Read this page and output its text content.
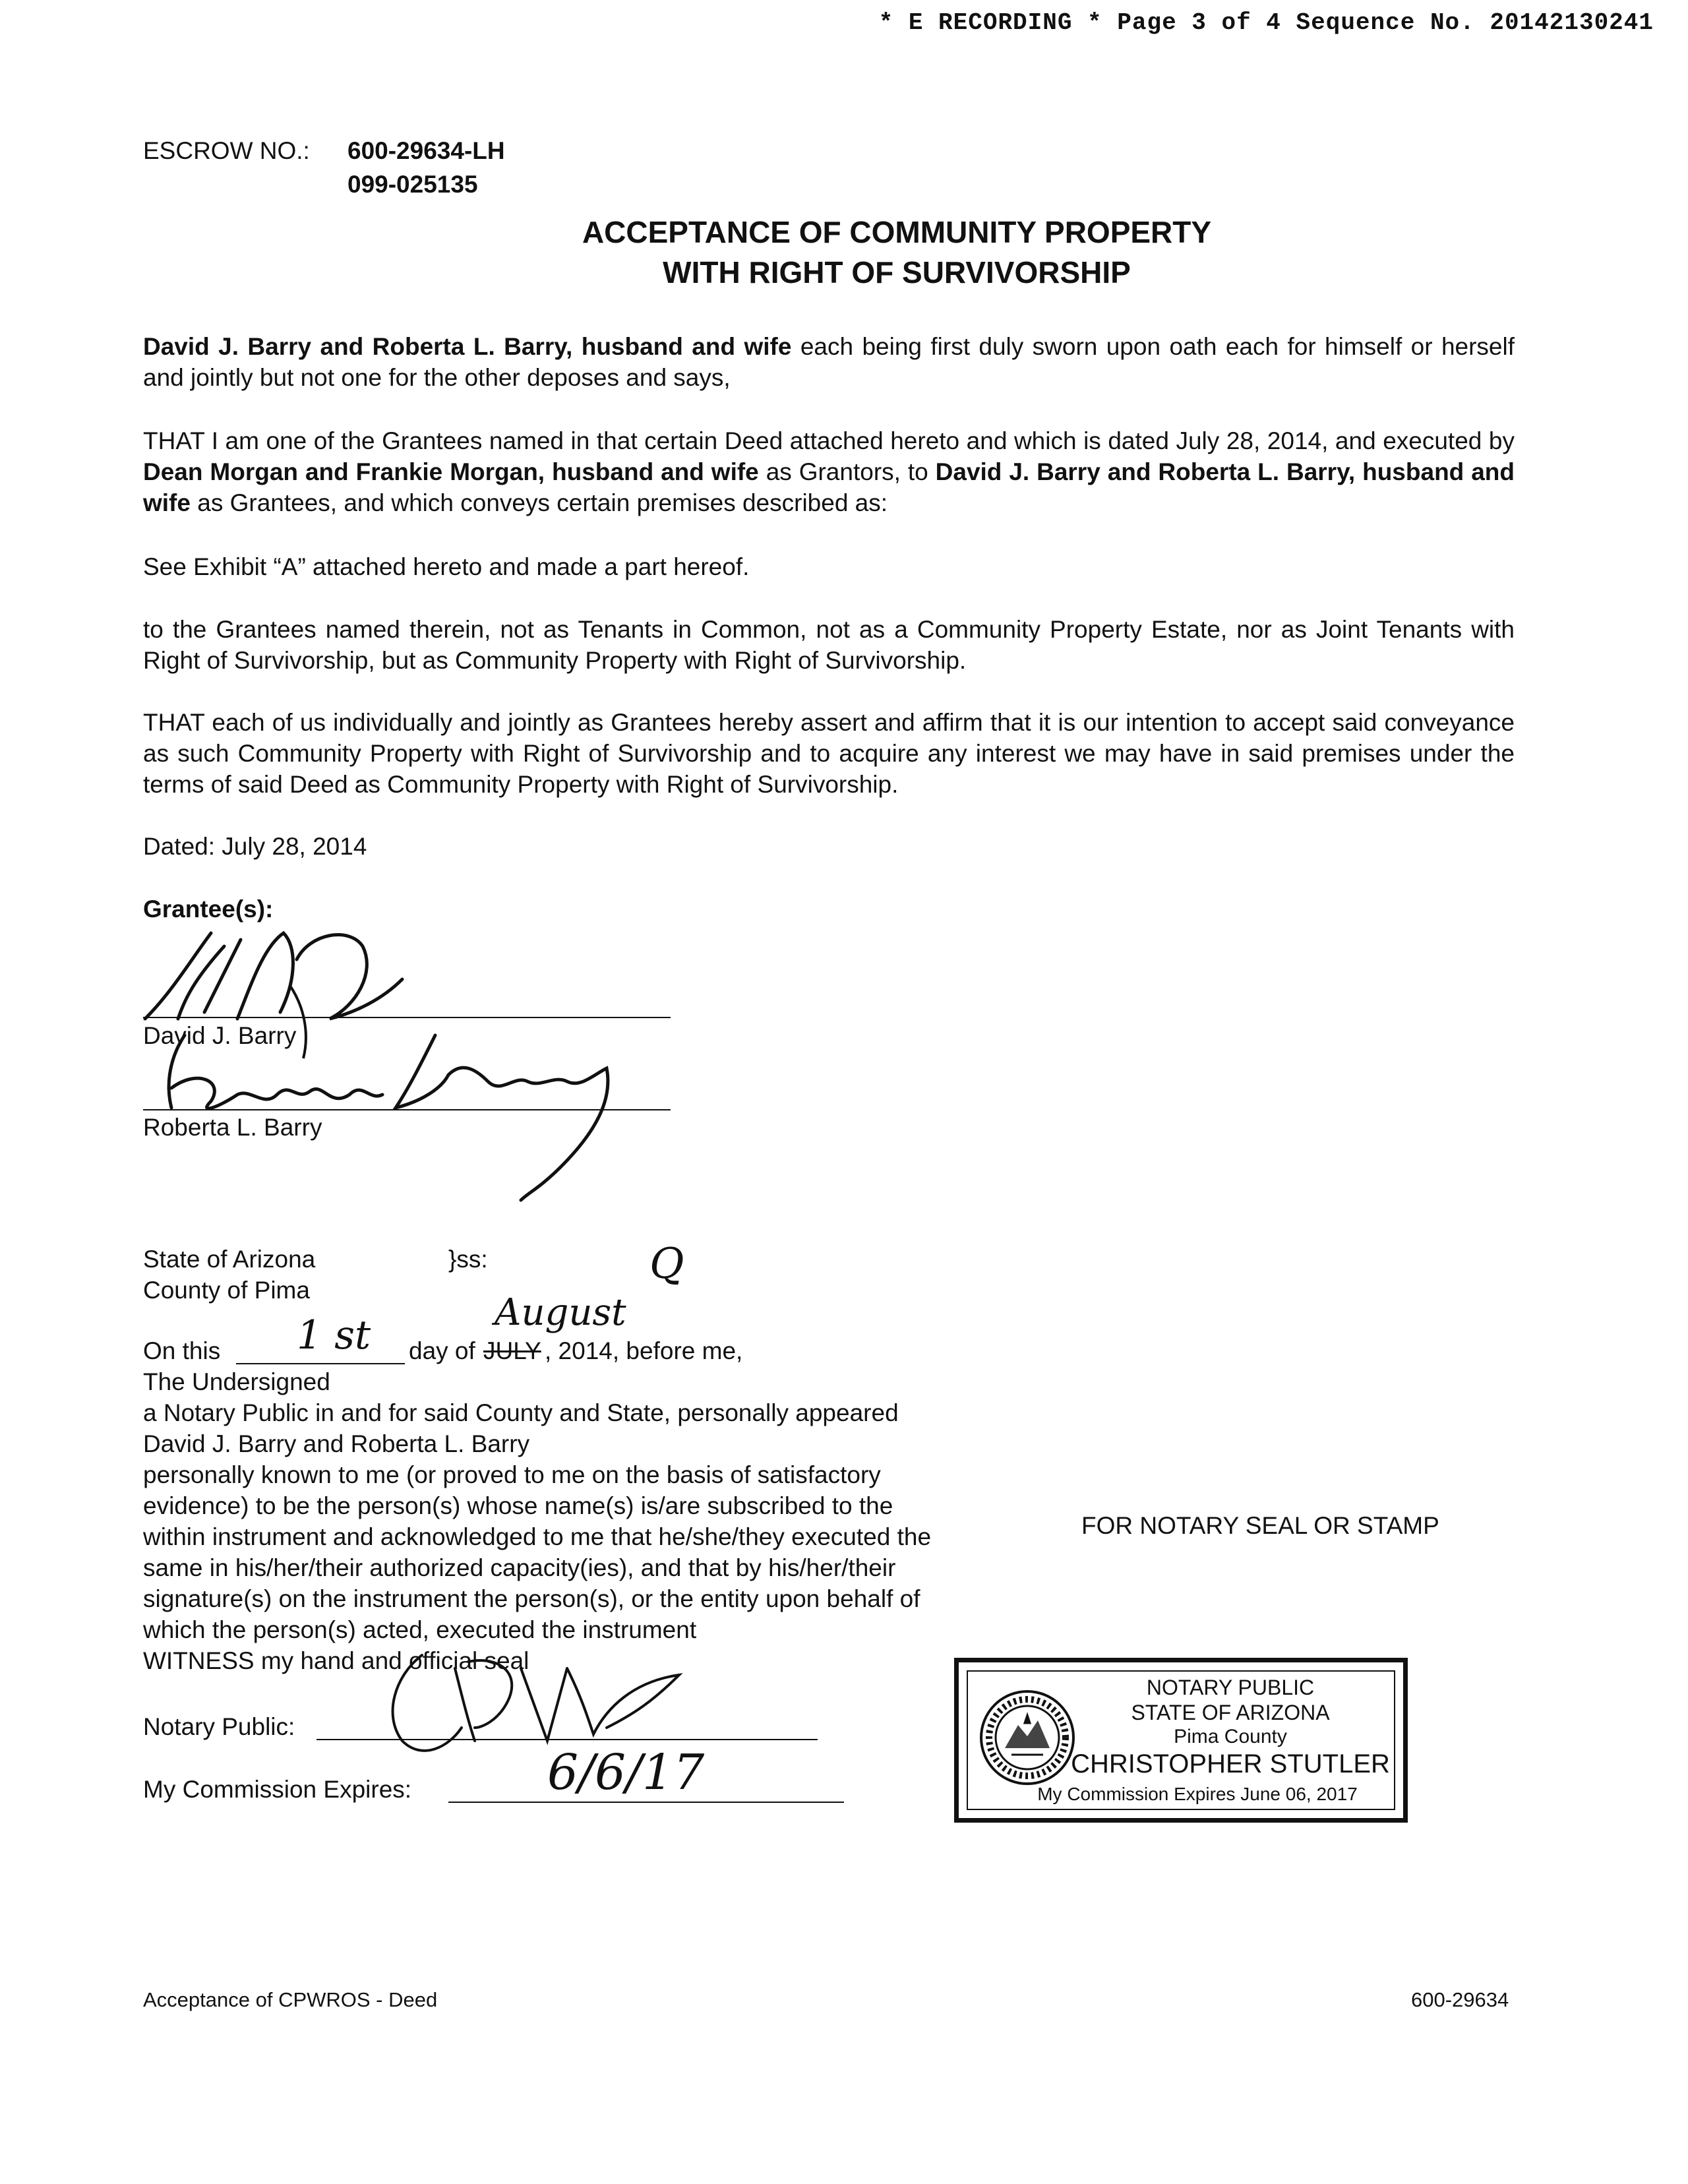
* E RECORDING * Page 3 of 4 Sequence No. 20142130241
ESCROW NO.: 600-29634-LH
099-025135
ACCEPTANCE OF COMMUNITY PROPERTY
WITH RIGHT OF SURVIVORSHIP
David J. Barry and Roberta L. Barry, husband and wife each being first duly sworn upon oath each for himself or herself and jointly but not one for the other deposes and says,
THAT I am one of the Grantees named in that certain Deed attached hereto and which is dated July 28, 2014, and executed by Dean Morgan and Frankie Morgan, husband and wife as Grantors, to David J. Barry and Roberta L. Barry, husband and wife as Grantees, and which conveys certain premises described as:
See Exhibit “A” attached hereto and made a part hereof.
to the Grantees named therein, not as Tenants in Common, not as a Community Property Estate, nor as Joint Tenants with Right of Survivorship, but as Community Property with Right of Survivorship.
THAT each of us individually and jointly as Grantees hereby assert and affirm that it is our intention to accept said conveyance as such Community Property with Right of Survivorship and to acquire any interest we may have in said premises under the terms of said Deed as Community Property with Right of Survivorship.
Dated: July 28, 2014
Grantee(s):
David J. Barry
Roberta L. Barry
State of Arizona	}ss:
County of Pima
Q
On this 1 st day of JULY
August
, 2014, before me,
The Undersigned
a Notary Public in and for said County and State, personally appeared
David J. Barry and Roberta L. Barry
personally known to me (or proved to me on the basis of satisfactory
evidence) to be the person(s) whose name(s) is/are subscribed to the
within instrument and acknowledged to me that he/she/they executed the
same in his/her/their authorized capacity(ies), and that by his/her/their
signature(s) on the instrument the person(s), or the entity upon behalf of
which the person(s) acted, executed the instrument
WITNESS my hand and official seal
FOR NOTARY SEAL OR STAMP
Notary Public:
My Commission Expires:	6/6/17
NOTARY PUBLIC
STATE OF ARIZONA
Pima County
CHRISTOPHER STUTLER
My Commission Expires June 06, 2017
Acceptance of CPWROS - Deed	600-29634
